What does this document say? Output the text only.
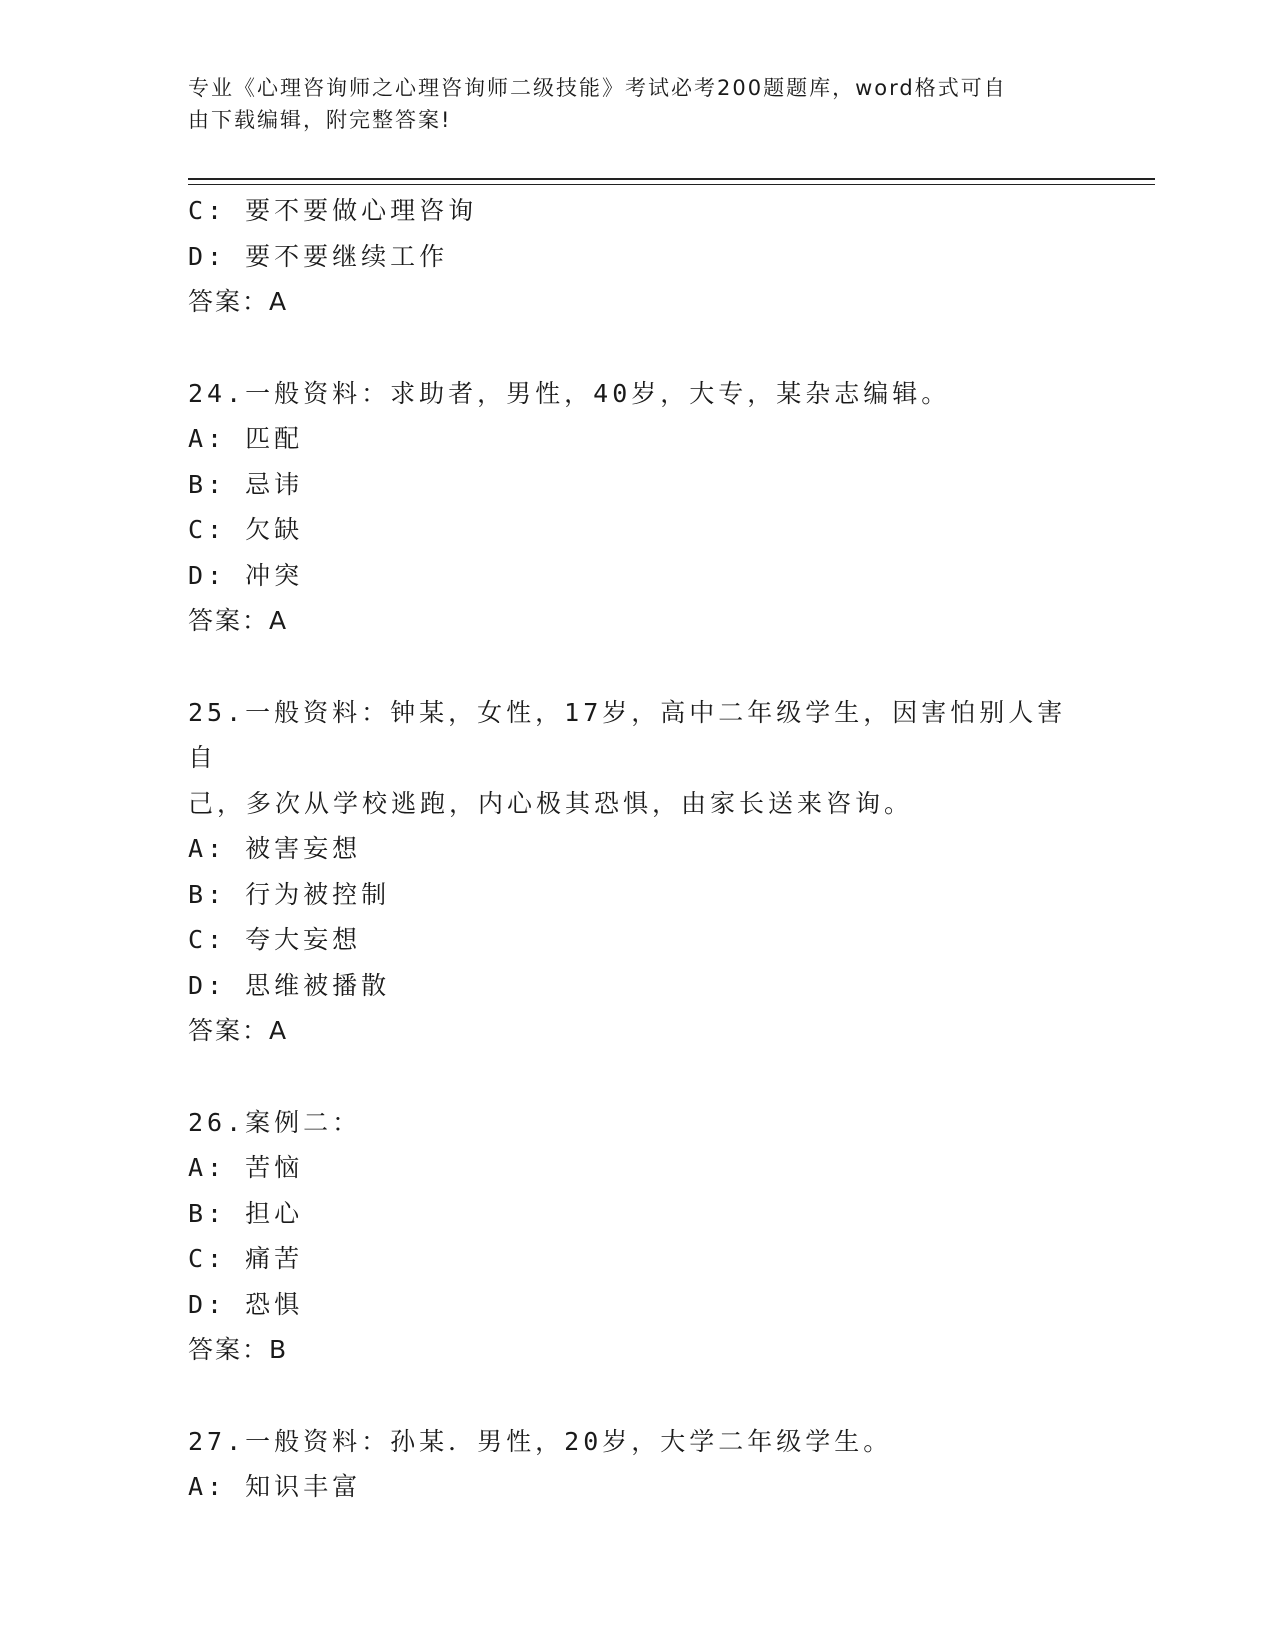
专业《心理咨询师之心理咨询师二级技能》考试必考200题题库，word格式可自
由下载编辑，附完整答案!
C: 要不要做心理咨询
D: 要不要继续工作
答案：A
24.一般资料：求助者，男性，40岁，大专，某杂志编辑。
A: 匹配
B: 忌讳
C: 欠缺
D: 冲突
答案：A
25.一般资料：钟某，女性，17岁，高中二年级学生，因害怕别人害自
己，多次从学校逃跑，内心极其恐惧，由家长送来咨询。
A: 被害妄想
B: 行为被控制
C: 夸大妄想
D: 思维被播散
答案：A
26.案例二：
A: 苦恼
B: 担心
C: 痛苦
D: 恐惧
答案：B
27.一般资料：孙某．男性，20岁，大学二年级学生。
A: 知识丰富
